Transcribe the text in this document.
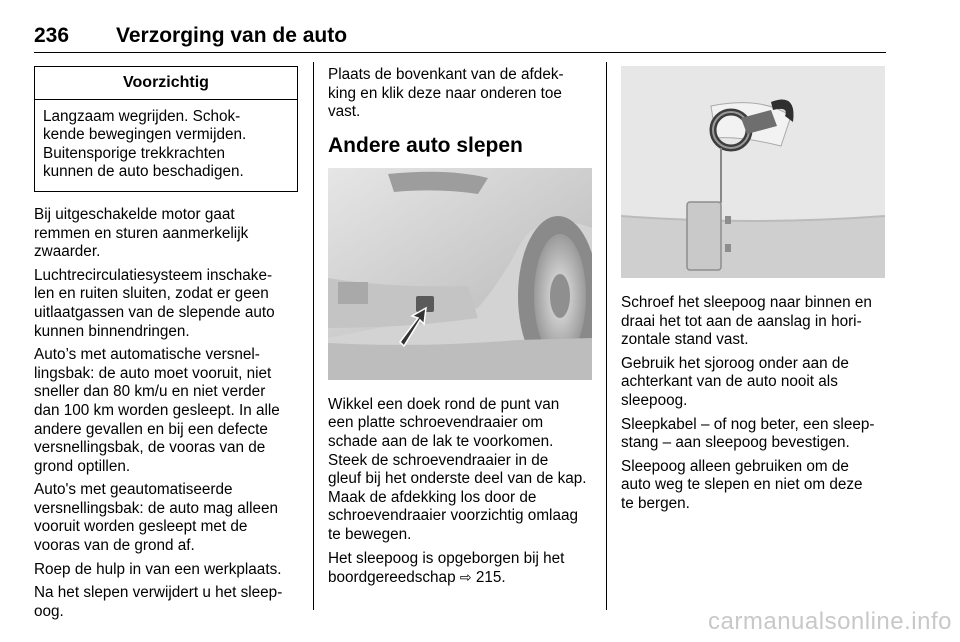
236 Verzorging van de auto
Voorzichtig
Langzaam wegrijden. Schok-
kende bewegingen vermijden.
Buitensporige trekkrachten
kunnen de auto beschadigen.

Bij uitgeschakelde motor gaat
remmen en sturen aanmerkelijk
zwaarder.

Luchtrecirculatiesysteem inschake-
len en ruiten sluiten, zodat er geen
uitlaatgassen van de slepende auto
kunnen binnendringen.

Auto’s met automatische versnel-
lingsbak: de auto moet vooruit, niet
sneller dan 80 km/u en niet verder
dan 100 km worden gesleept. In alle
andere gevallen en bij een defecte
versnellingsbak, de vooras van de
grond optillen.

Auto's met geautomatiseerde
versnellingsbak: de auto mag alleen
vooruit worden gesleept met de
vooras van de grond af.

Roep de hulp in van een werkplaats.

Na het slepen verwijdert u het sleep-
oog.

Plaats de bovenkant van de afdek-
king en klik deze naar onderen toe
vast.

Andere auto slepen

Wikkel een doek rond de punt van
een platte schroevendraaier om
schade aan de lak te voorkomen.
Steek de schroevendraaier in de
gleuf bij het onderste deel van de kap.
Maak de afdekking los door de
schroevendraaier voorzichtig omlaag
te bewegen.

Het sleepoog is opgeborgen bij het
boordgereedschap ⇨ 215.

Schroef het sleepoog naar binnen en
draai het tot aan de aanslag in hori-
zontale stand vast.

Gebruik het sjoroog onder aan de
achterkant van de auto nooit als
sleepoog.

Sleepkabel – of nog beter, een sleep-
stang – aan sleepoog bevestigen.

Sleepoog alleen gebruiken om de
auto weg te slepen en niet om deze
te bergen.

carmanualsonline.info
